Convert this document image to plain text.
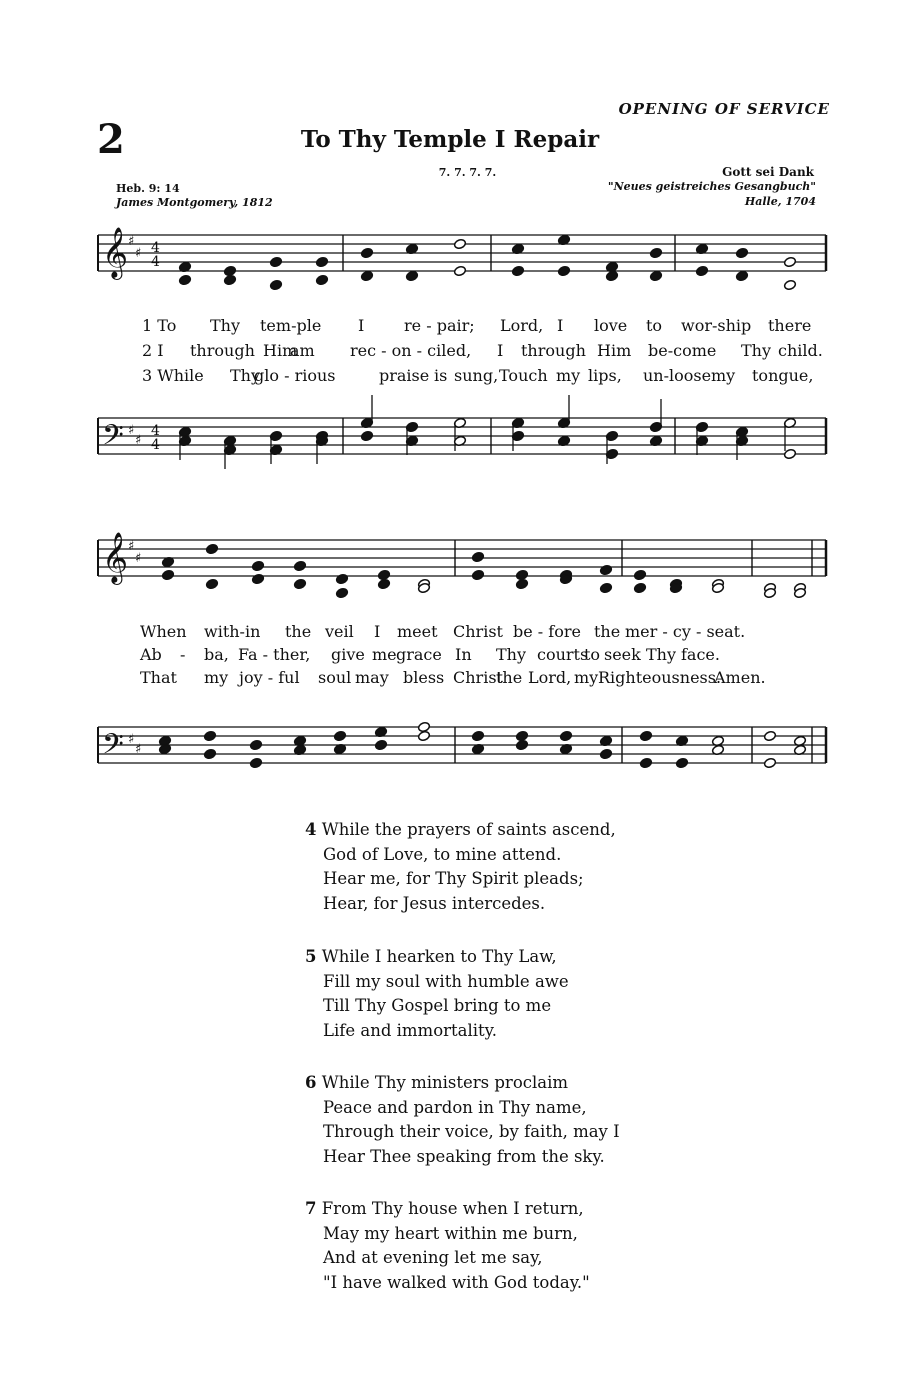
OPENING OF SERVICE
2	To Thy Temple I Repair
7. 7. 7. 7.	Gott sei Dank
"Neues geistreiches Gesangbuch"
Halle, 1704
Heb. 9: 14
James Montgomery, 1812
𝄞 ♯
♯
𝄢 ♯
♯
4
4
4
4
𝄞 ♯
♯
𝄢 ♯
♯
1 To Thy tem-ple I re - pair; Lord, I love to wor-ship there
2 I through Him
am rec - on - ciled, I through Him be-come Thy child.
3 While Thy
glo - rious	praise is sung, Touch my lips, un-loose my tongue,
When with-in the veil I meet Christ be - fore the mer - cy - seat.
Ab - ba, Fa - ther, give me grace In Thy courts
to seek Thy face.
That my joy - ful soul may bless Christ
the Lord, my Righteousness.
Amen.
4 While the prayers of saints ascend,
God of Love, to mine attend.
Hear me, for Thy Spirit pleads;
Hear, for Jesus intercedes.
5 While I hearken to Thy Law,
Fill my soul with humble awe
Till Thy Gospel bring to me
Life and immortality.
6 While Thy ministers proclaim
Peace and pardon in Thy name,
Through their voice, by faith, may I
Hear Thee speaking from the sky.
7 From Thy house when I return,
May my heart within me burn,
And at evening let me say,
"I have walked with God today."
